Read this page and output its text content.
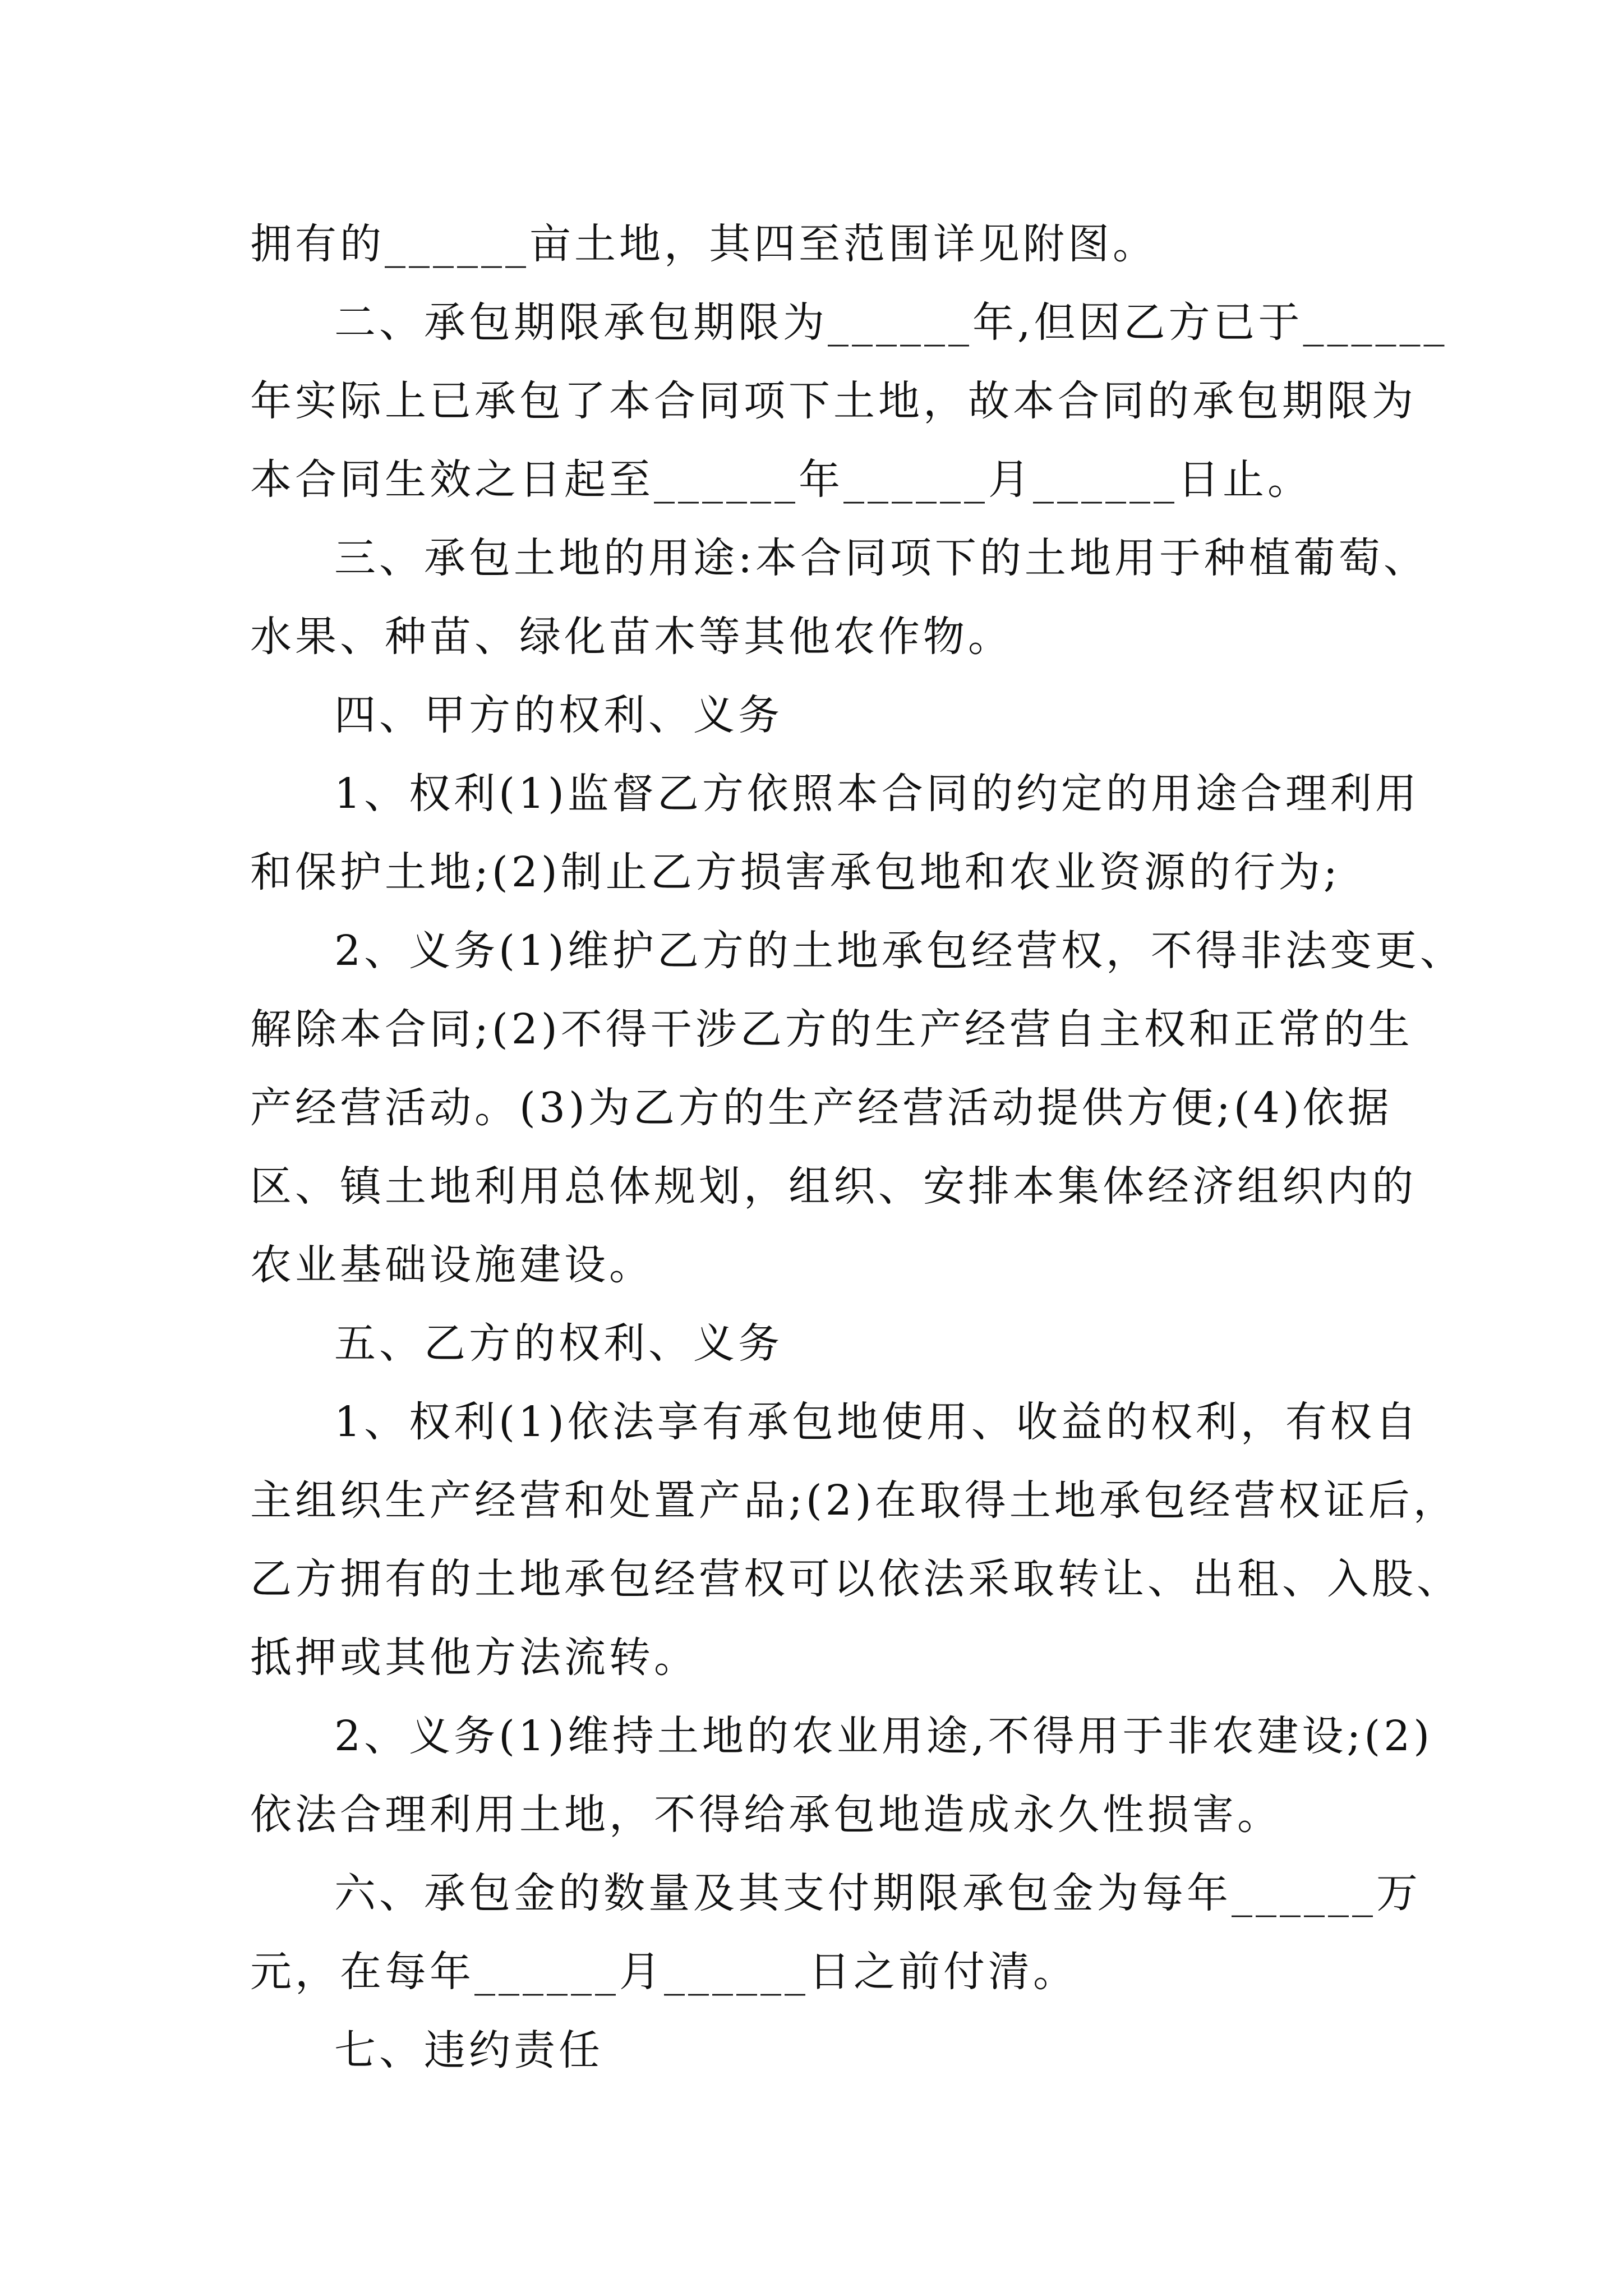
拥有的______亩土地，其四至范围详见附图。
二、承包期限承包期限为______年,但因乙方已于______
年实际上已承包了本合同项下土地，故本合同的承包期限为
本合同生效之日起至______年______月______日止。
三、承包土地的用途:本合同项下的土地用于种植葡萄、
水果、种苗、绿化苗木等其他农作物。
四、甲方的权利、义务
1、权利(1)监督乙方依照本合同的约定的用途合理利用
和保护土地;(2)制止乙方损害承包地和农业资源的行为;
2、义务(1)维护乙方的土地承包经营权，不得非法变更、
解除本合同;(2)不得干涉乙方的生产经营自主权和正常的生
产经营活动。(3)为乙方的生产经营活动提供方便;(4)依据
区、镇土地利用总体规划，组织、安排本集体经济组织内的
农业基础设施建设。
五、乙方的权利、义务
1、权利(1)依法享有承包地使用、收益的权利，有权自
主组织生产经营和处置产品;(2)在取得土地承包经营权证后，
乙方拥有的土地承包经营权可以依法采取转让、出租、入股、
抵押或其他方法流转。
2、义务(1)维持土地的农业用途,不得用于非农建设;(2)
依法合理利用土地，不得给承包地造成永久性损害。
六、承包金的数量及其支付期限承包金为每年______万
元，在每年______月______日之前付清。
七、违约责任
